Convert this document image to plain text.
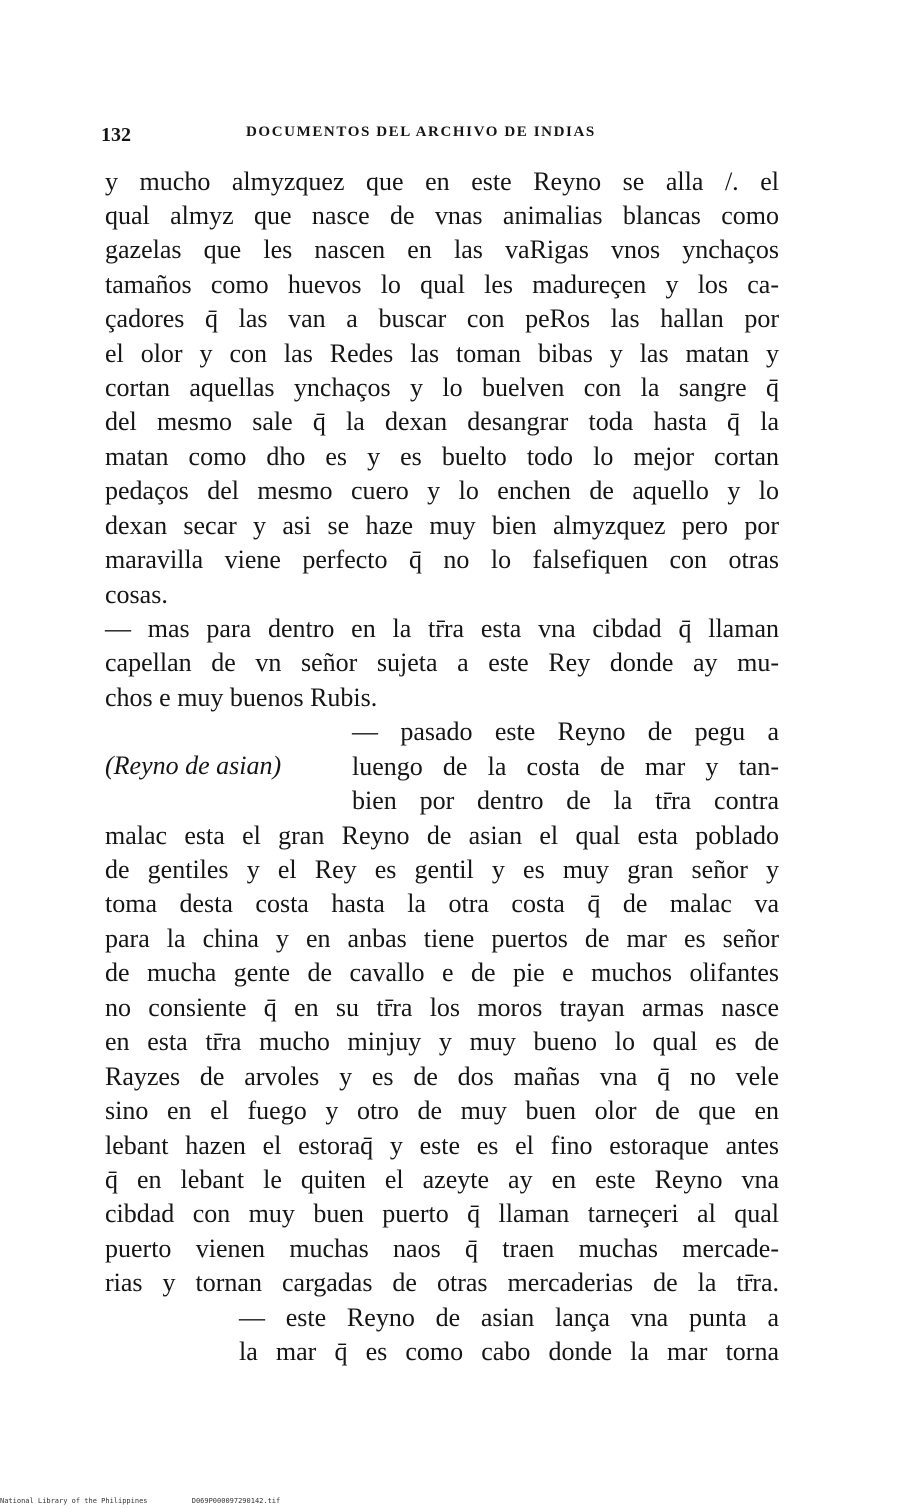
132	DOCUMENTOS DEL ARCHIVO DE INDIAS
y mucho almyzquez que en este Reyno se alla /. el
qual almyz que nasce de vnas animalias blancas como
gazelas que les nascen en las vaRigas vnos ynchaços
tamaños como huevos lo qual les madureçen y los ca-
çadores q̄ las van a buscar con peRos las hallan por
el olor y con las Redes las toman bibas y las matan y
cortan aquellas ynchaços y lo buelven con la sangre q̄
del mesmo sale q̄ la dexan desangrar toda hasta q̄ la
matan como dho es y es buelto todo lo mejor cortan
pedaços del mesmo cuero y lo enchen de aquello y lo
dexan secar y asi se haze muy bien almyzquez pero por
maravilla viene perfecto q̄ no lo falsefiquen con otras
cosas.
— mas para dentro en la tr̄ra esta vna cibdad q̄ llaman
capellan de vn señor sujeta a este Rey donde ay mu-
chos e muy buenos Rubis.
— pasado este Reyno de pegu a
(Reyno de asian)	luengo de la costa de mar y tan-
bien por dentro de la tr̄ra contra
malac esta el gran Reyno de asian el qual esta poblado
de gentiles y el Rey es gentil y es muy gran señor y
toma desta costa hasta la otra costa q̄ de malac va
para la china y en anbas tiene puertos de mar es señor
de mucha gente de cavallo e de pie e muchos olifantes
no consiente q̄ en su tr̄ra los moros trayan armas nasce
en esta tr̄ra mucho minjuy y muy bueno lo qual es de
Rayzes de arvoles y es de dos mañas vna q̄ no vele
sino en el fuego y otro de muy buen olor de que en
lebant hazen el estoraq̄ y este es el fino estoraque antes
q̄ en lebant le quiten el azeyte ay en este Reyno vna
cibdad con muy buen puerto q̄ llaman tarneçeri al qual
puerto vienen muchas naos q̄ traen muchas mercade-
rias y tornan cargadas de otras mercaderias de la tr̄ra.
— este Reyno de asian lança vna punta a
la mar q̄ es como cabo donde la mar torna
National Library of the Philippines	D069P000097290142.tif
